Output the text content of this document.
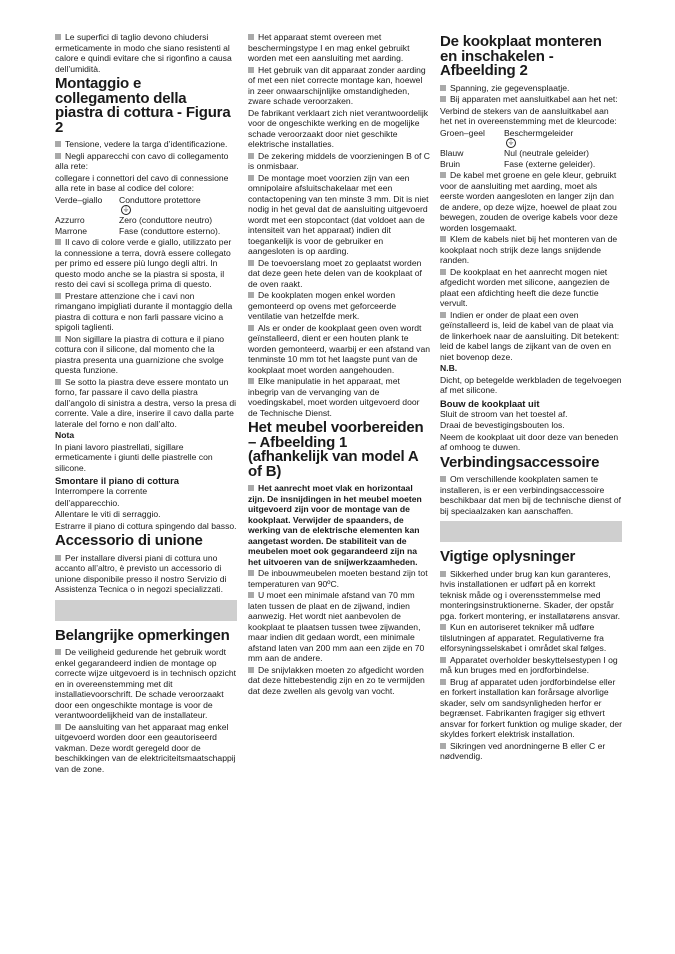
Le superfici di taglio devono chiudersi ermeticamente in modo che siano resistenti al calore e quindi evitare che si rigonfino a causa dell’umidità.

Montaggio e collegamento della piastra di cottura - Figura 2

Tensione, vedere la targa d’identificazione.

Negli apparecchi con cavo di collegamento alla rete:

collegare i connettori del cavo di connessione alla rete in base al codice del colore:

Verde–giallo	Conduttore protettore
⏚
Azzurro	Zero (conduttore neutro)
Marrone	Fase (conduttore esterno).

Il cavo di colore verde e giallo, utilizzato per la connessione a terra, dovrà essere collegato per primo ed essere più lungo degli altri. In questo modo anche se la piastra si sposta, il resto dei cavi si scollega prima di questo.

Prestare attenzione che i cavi non rimangano impigliati durante il montaggio della piastra di cottura e non farli passare vicino a spigoli taglienti.

Non sigillare la piastra di cottura e il piano cottura con il silicone, dal momento che la piastra presenta una guarnizione che svolge questa funzione.

Se sotto la piastra deve essere montato un forno, far passare il cavo della piastra dall’angolo di sinistra a destra, verso la presa di corrente. Vale a dire, inserire il cavo dalla parte laterale del forno e non dall’alto.

Nota

In piani lavoro piastrellati, sigillare ermeticamente i giunti delle piastrelle con silicone.

Smontare il piano di cottura

Interrompere la corrente

dell’apparecchio.

Allentare le viti di serraggio.

Estrarre il piano di cottura spingendo dal basso.

Accessorio di unione

Per installare diversi piani di cottura uno accanto all’altro, è previsto un accessorio di unione disponibile presso il nostro Servizio di Assistenza Tecnica o in negozi specializzati.

Belangrijke opmerkingen

De veiligheid gedurende het gebruik wordt enkel gegarandeerd indien de montage op correcte wijze uitgevoerd is in technisch opzicht en in overeenstemming met dit installatievoorschrift. De schade veroorzaakt door een ongeschikte montage is voor de verantwoordelijkheid van de installateur.

De aansluiting van het apparaat mag enkel uitgevoerd worden door een geautoriseerd vakman. Deze wordt geregeld door de beschikkingen van de elektriciteitsmaatschappij van de zone.

Het apparaat stemt overeen met beschermingstype I en mag enkel gebruikt worden met een aansluiting met aarding.

Het gebruik van dit apparaat zonder aarding of met een niet correcte montage kan, hoewel in zeer onwaarschijnlijke omstandigheden, zware schade veroorzaken.

De fabrikant verklaart zich niet verantwoordelijk voor de ongeschikte werking en de mogelijke schade veroorzaakt door niet geschikte elektrische installaties.

De zekering middels de voorzieningen B of C is onmisbaar.

De montage moet voorzien zijn van een omnipolaire afsluitschakelaar met een contactopening van ten minste 3 mm. Dit is niet nodig in het geval dat de aansluiting uitgevoerd wordt met een stopcontact (dat voldoet aan de intensiteit van het apparaat) indien dit toegankelijk is voor de gebruiker en aangesloten is op aarding.

De toevoerslang moet zo geplaatst worden dat deze geen hete delen van de kookplaat of de oven raakt.

De kookplaten mogen enkel worden gemonteerd op ovens met geforceerde ventilatie van hetzelfde merk.

Als er onder de kookplaat geen oven wordt geïnstalleerd, dient er een houten plank te worden gemonteerd, waarbij er een afstand van tenminste 10 mm tot het laagste punt van de kookplaat moet worden aangehouden.

Elke manipulatie in het apparaat, met inbegrip van de vervanging van de voedingskabel, moet worden uitgevoerd door de Technische Dienst.

Het meubel voorbereiden – Afbeelding 1 (afhankelijk van model A of B)

Het aanrecht moet vlak en horizontaal zijn. De insnijdingen in het meubel moeten uitgevoerd zijn voor de montage van de kookplaat. Verwijder de spaanders, de werking van de elektrische elementen kan aangetast worden. De stabiliteit van de meubelen moet ook gegarandeerd zijn na het uitvoeren van de snijwerkzaamheden.

De inbouwmeubelen moeten bestand zijn tot temperaturen van 90ºC.

U moet een minimale afstand van 70 mm laten tussen de plaat en de zijwand, indien aanwezig. Het wordt niet aanbevolen de kookplaat te plaatsen tussen twee zijwanden, maar indien dit gedaan wordt, een minimale afstand laten van 200 mm aan een zijde en 70 mm aan de andere.

De snijvlakken moeten zo afgedicht worden dat deze hittebestendig zijn en zo te vermijden dat deze zwellen als gevolg van vocht.

De kookplaat monteren en inschakelen - Afbeelding 2

Spanning, zie gegevensplaatje.

Bij apparaten met aansluitkabel aan het net:

Verbind de stekers van de aansluitkabel aan het net in overeenstemming met de kleurcode:

Groen–geel	Beschermgeleider
⏚
Blauw	Nul (neutrale geleider)
Bruin	Fase (externe geleider).

De kabel met groene en gele kleur, gebruikt voor de aansluiting met aarding, moet als eerste worden aangesloten en langer zijn dan de andere, op deze wijze, hoewel de plaat zou bewegen, zouden de overige kabels voor deze worden losgemaakt.

Klem de kabels niet bij het monteren van de kookplaat noch strijk deze langs snijdende randen.

De kookplaat en het aanrecht mogen niet afgedicht worden met silicone, aangezien de plaat een afdichting heeft die deze functie vervult.

Indien er onder de plaat een oven geïnstalleerd is, leid de kabel van de plaat via de linkerhoek naar de aansluiting. Dit betekent: leid de kabel langs de zijkant van de oven en niet bovenop deze.

N.B.

Dicht, op betegelde werkbladen de tegelvoegen af met silicone.

Bouw de kookplaat uit

Sluit de stroom van het toestel af.

Draai de bevestigingsbouten los.

Neem de kookplaat uit door deze van beneden af omhoog te duwen.

Verbindingsaccessoire

Om verschillende kookplaten samen te installeren, is er een verbindingsaccessoire beschikbaar dat men bij de technische dienst of bij speciaalzaken kan aanschaffen.

Vigtige oplysninger

Sikkerhed under brug kan kun garanteres, hvis installationen er udført på en korrekt teknisk måde og i overensstemmelse med monteringsinstruktionerne. Skader, der opstår pga. forkert montering, er installatørens ansvar.

Kun en autoriseret tekniker må udføre tilslutningen af apparatet. Regulativerne fra elforsyningsselskabet i området skal følges.

Apparatet overholder beskyttelsestypen I og må kun bruges med en jordforbindelse.

Brug af apparatet uden jordforbindelse eller en forkert installation kan forårsage alvorlige skader, selv om sandsynligheden herfor er begrænset. Fabrikanten fragiger sig ethvert ansvar for forkert funktion og mulige skader, der skyldes forkert elektrisk installation.

Sikringen ved anordningerne B eller C er nødvendig.
